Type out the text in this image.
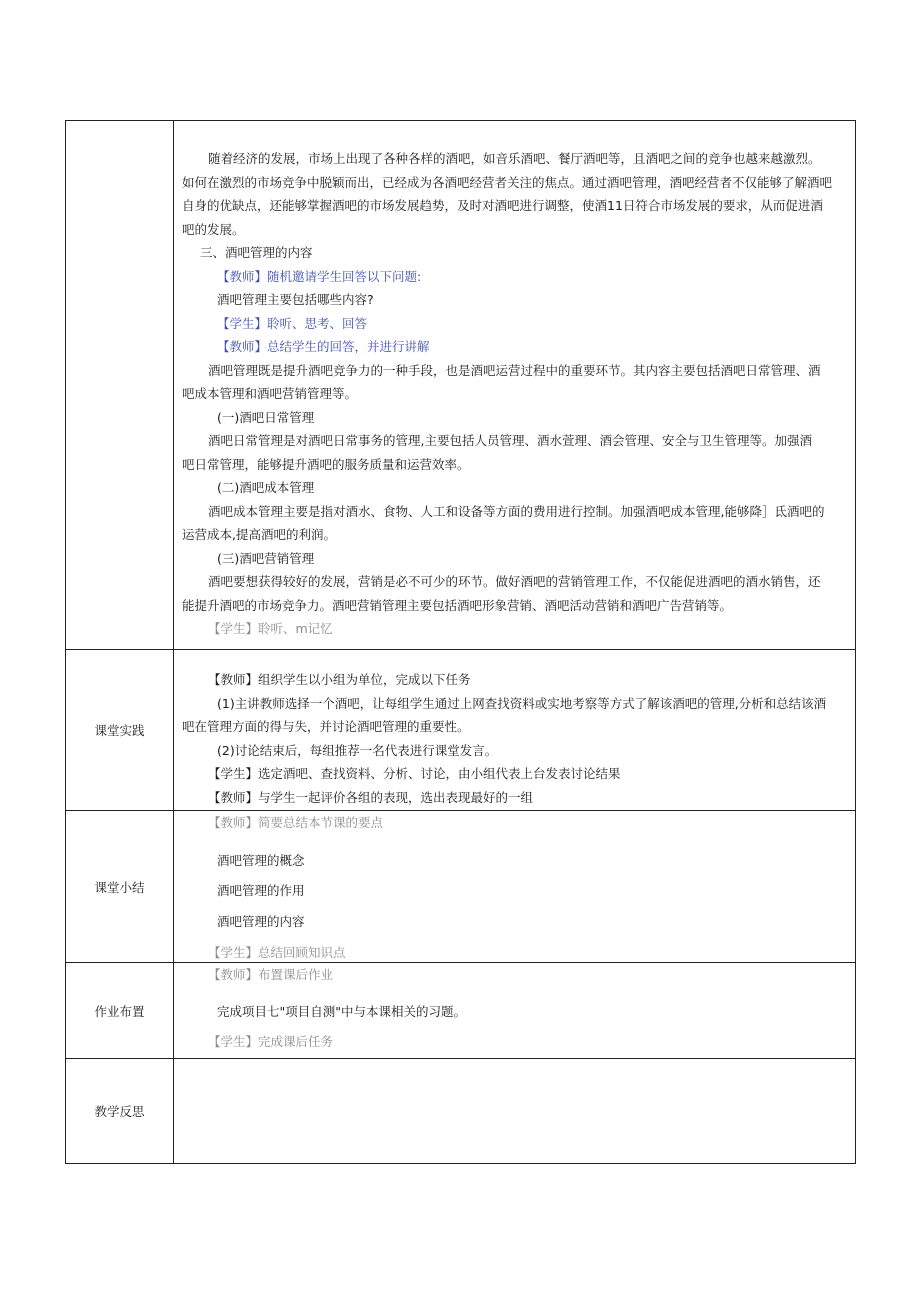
随着经济的发展，市场上出现了各种各样的酒吧，如音乐酒吧、餐厅酒吧等，且酒吧之间的竞争也越来越激烈。
如何在激烈的市场竞争中脱颖而出，已经成为各酒吧经营者关注的焦点。通过酒吧管理，酒吧经营者不仅能够了解酒吧
自身的优缺点，还能够掌握酒吧的市场发展趋势，及时对酒吧进行调整，使酒11日符合市场发展的要求，从而促进酒
吧的发展。
三、酒吧管理的内容
【教师】随机邀请学生回答以下问题:
酒吧管理主要包括哪些内容?
【学生】聆听、思考、回答
【教师】总结学生的回答，并进行讲解
酒吧管理既是提升酒吧竞争力的一种手段，也是酒吧运营过程中的重要环节。其内容主要包括酒吧日常管理、酒
吧成本管理和酒吧营销管理等。
(一)酒吧日常管理
酒吧日常管理是对酒吧日常事务的管理,主要包括人员管理、酒水萱理、酒会管理、安全与卫生管理等。加强酒
吧日常管理，能够提升酒吧的服务质量和运营效率。
(二)酒吧成本管理
酒吧成本管理主要是指对酒水、食物、人工和设备等方面的费用进行控制。加强酒吧成本管理,能够降］氐酒吧的
运营成本,提高酒吧的利润。
(三)酒吧营销管理
酒吧要想获得较好的发展，营销是必不可少的环节。做好酒吧的营销管理工作，不仅能促进酒吧的酒水销售，还
能提升酒吧的市场竞争力。酒吧营销管理主要包括酒吧形象营销、酒吧活动营销和酒吧广告营销等。
【学生】聆听、m记忆
课堂实践
【教师】组织学生以小组为单位，完成以下任务
(1)主讲教师选择一个酒吧，让每组学生通过上网查找资料或实地考察等方式了解该酒吧的管理,分析和总结该酒
吧在管理方面的得与失，并讨论酒吧管理的重要性。
(2)讨论结束后，每组推荐一名代表进行课堂发言。
【学生】选定酒吧、查找资料、分析、讨论，由小组代表上台发表讨论结果
【教师】与学生一起评价各组的表现，选出表现最好的一组
课堂小结
【教师】简要总结本节课的要点
酒吧管理的概念
酒吧管理的作用
酒吧管理的内容
【学生】总结回顾知识点
作业布置
【教师】布置课后作业
完成项目七"项目自测"中与本课相关的习题。
【学生】完成课后任务
教学反思
